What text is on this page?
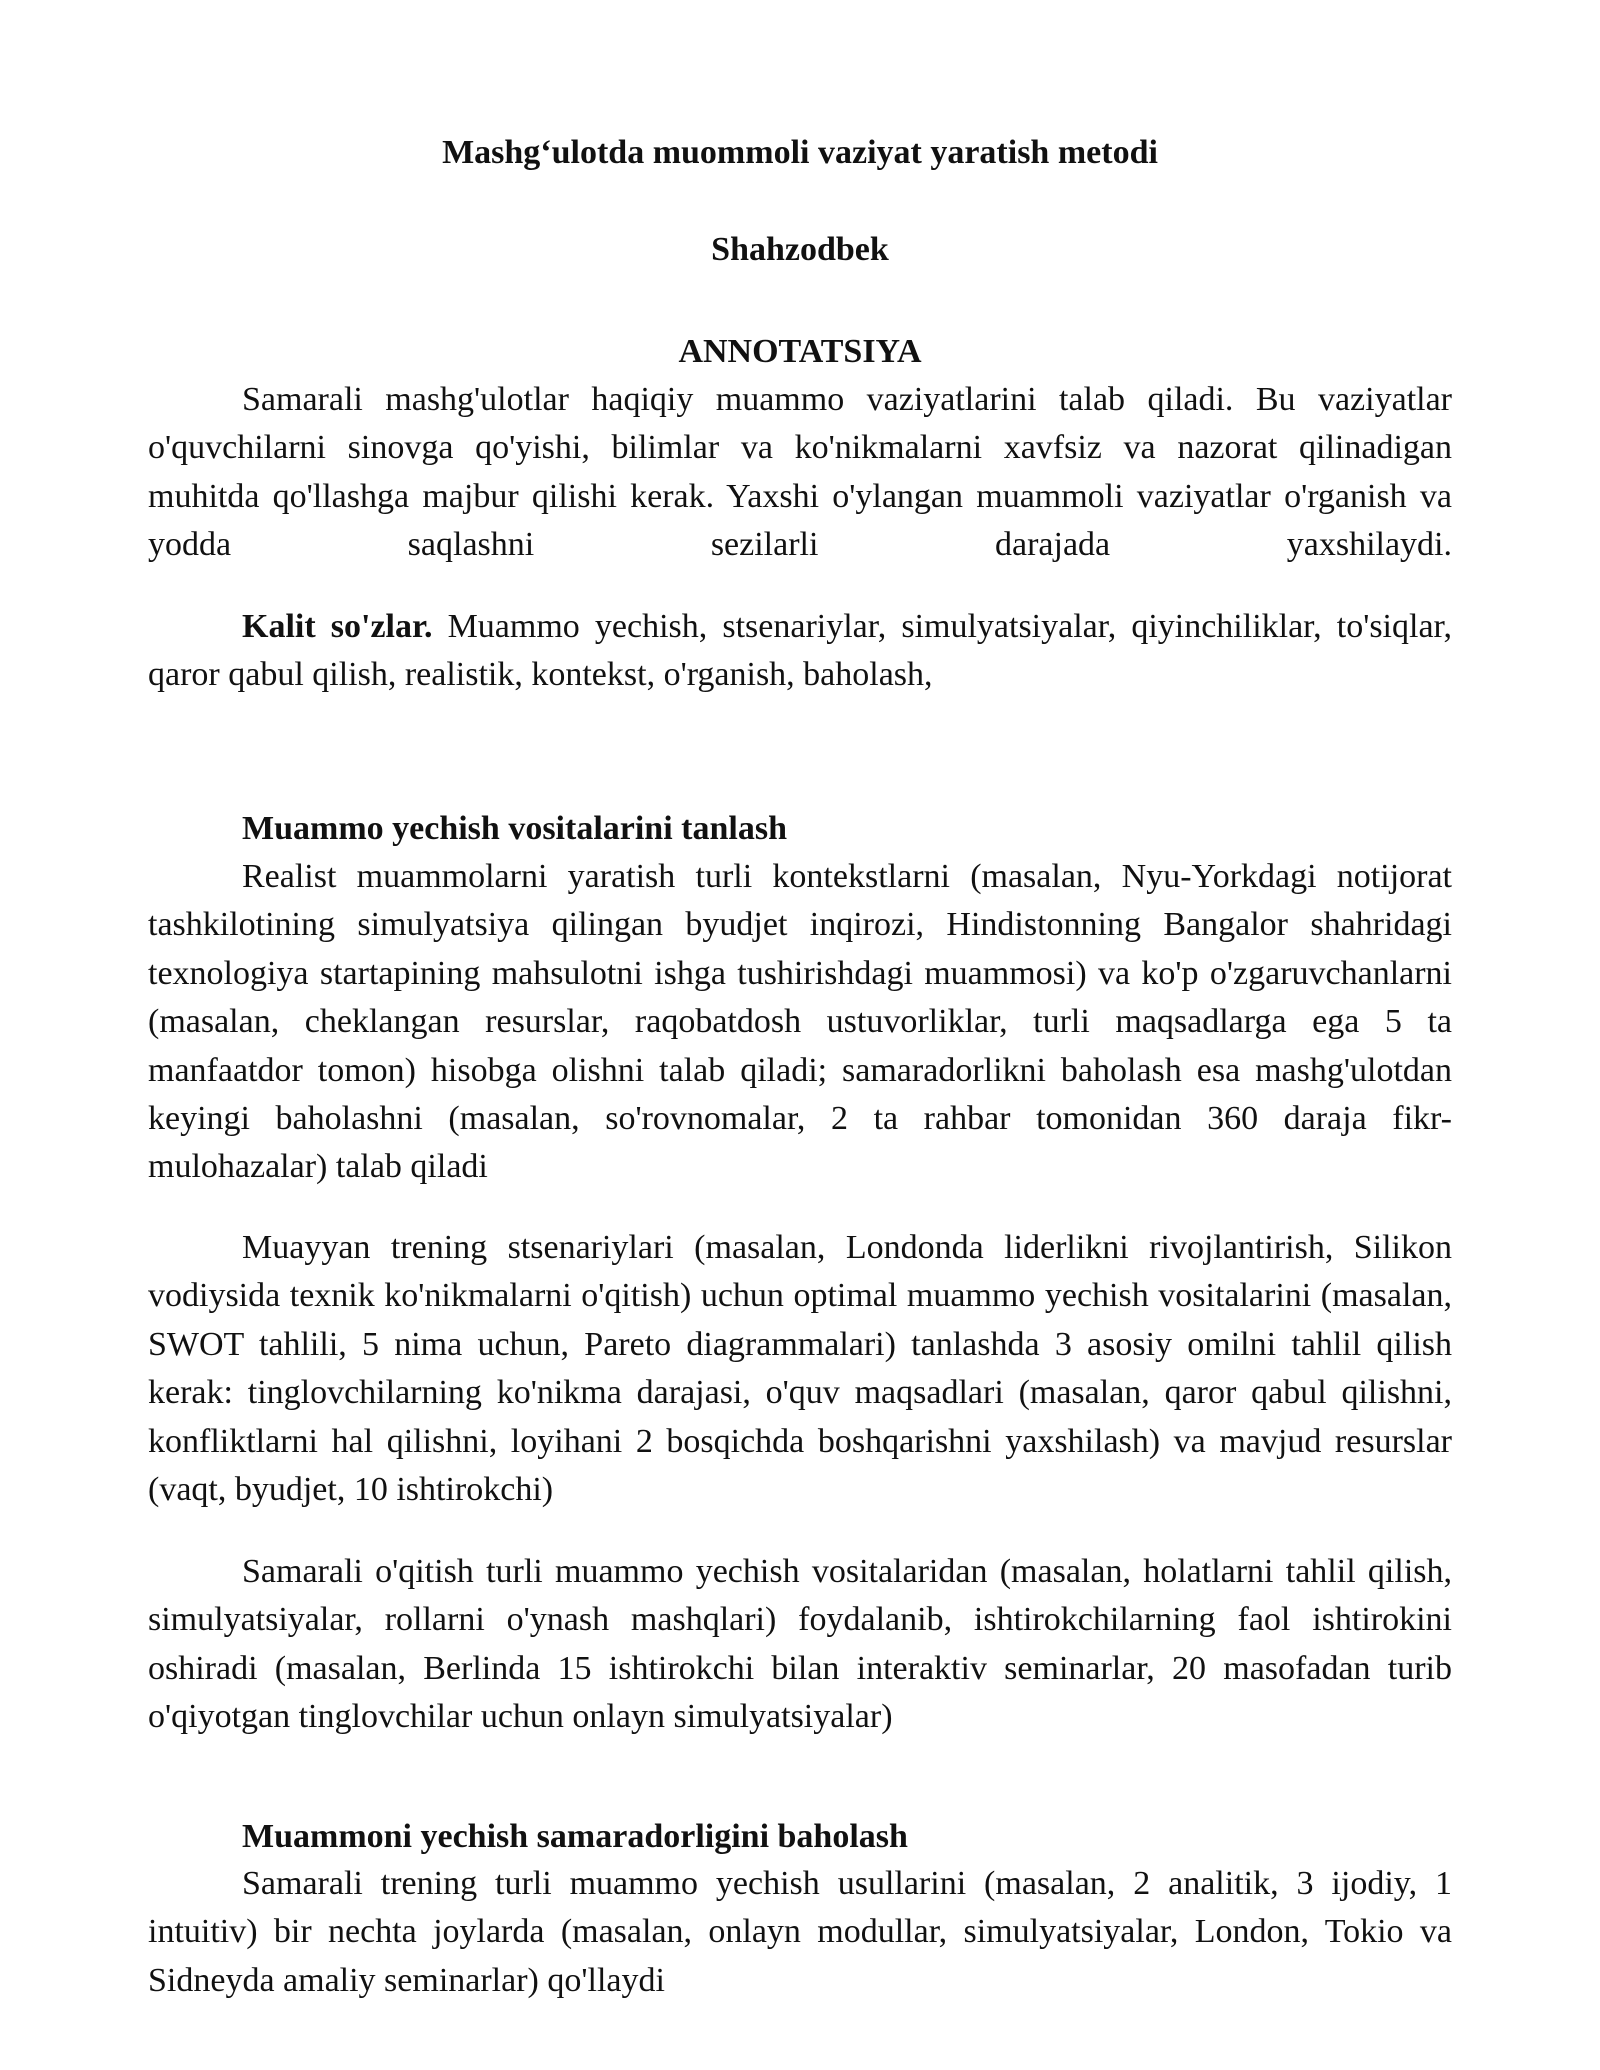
Mashg‘ulotda muommoli vaziyat yaratish metodi
Shahzodbek
ANNOTATSIYA

Samarali mashg'ulotlar haqiqiy muammo vaziyatlarini talab qiladi. Bu vaziyatlar o'quvchilarni sinovga qo'yishi, bilimlar va ko'nikmalarni xavfsiz va nazorat qilinadigan muhitda qo'llashga majbur qilishi kerak. Yaxshi o'ylangan muammoli vaziyatlar o'rganish va yodda saqlashni sezilarli darajada yaxshilaydi.

Kalit so'zlar. Muammo yechish, stsenariylar, simulyatsiyalar, qiyinchiliklar, to'siqlar, qaror qabul qilish, realistik, kontekst, o'rganish, baholash,

Muammo yechish vositalarini tanlash

Realist muammolarni yaratish turli kontekstlarni (masalan, Nyu-Yorkdagi notijorat tashkilotining simulyatsiya qilingan byudjet inqirozi, Hindistonning Bangalor shahridagi texnologiya startapining mahsulotni ishga tushirishdagi muammosi) va ko'p o'zgaruvchanlarni (masalan, cheklangan resurslar, raqobatdosh ustuvorliklar, turli maqsadlarga ega 5 ta manfaatdor tomon) hisobga olishni talab qiladi; samaradorlikni baholash esa mashg'ulotdan keyingi baholashni (masalan, so'rovnomalar, 2 ta rahbar tomonidan 360 daraja fikr-mulohazalar) talab qiladi

Muayyan trening stsenariylari (masalan, Londonda liderlikni rivojlantirish, Silikon vodiysida texnik ko'nikmalarni o'qitish) uchun optimal muammo yechish vositalarini (masalan, SWOT tahlili, 5 nima uchun, Pareto diagrammalari) tanlashda 3 asosiy omilni tahlil qilish kerak: tinglovchilarning ko'nikma darajasi, o'quv maqsadlari (masalan, qaror qabul qilishni, konfliktlarni hal qilishni, loyihani 2 bosqichda boshqarishni yaxshilash) va mavjud resurslar (vaqt, byudjet, 10 ishtirokchi)

Samarali o'qitish turli muammo yechish vositalaridan (masalan, holatlarni tahlil qilish, simulyatsiyalar, rollarni o'ynash mashqlari) foydalanib, ishtirokchilarning faol ishtirokini oshiradi (masalan, Berlinda 15 ishtirokchi bilan interaktiv seminarlar, 20 masofadan turib o'qiyotgan tinglovchilar uchun onlayn simulyatsiyalar)

Muammoni yechish samaradorligini baholash

Samarali trening turli muammo yechish usullarini (masalan, 2 analitik, 3 ijodiy, 1 intuitiv) bir nechta joylarda (masalan, onlayn modullar, simulyatsiyalar, London, Tokio va Sidneyda amaliy seminarlar) qo'llaydi
